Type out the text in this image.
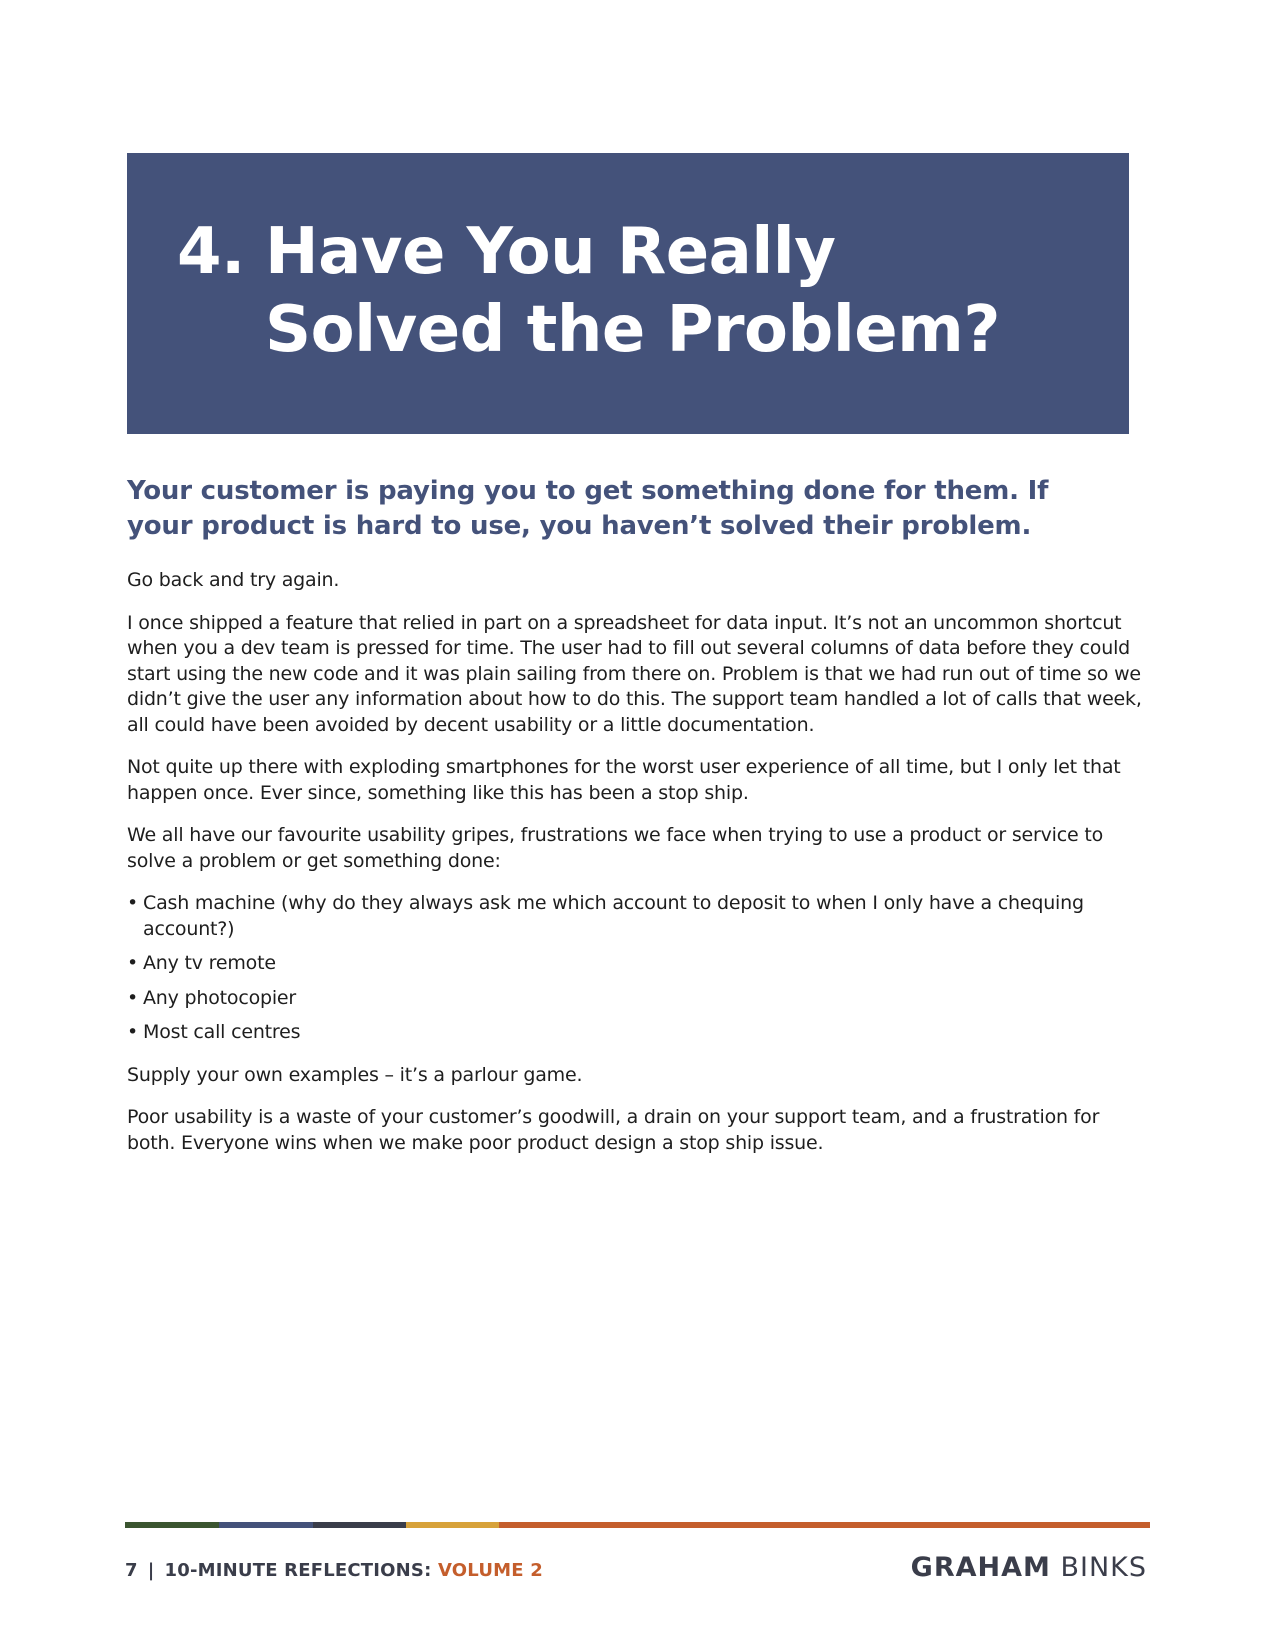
4. Have You Really
Solved the Problem?
Your customer is paying you to get something done for them. If your product is hard to use, you haven’t solved their problem.

Go back and try again.

I once shipped a feature that relied in part on a spreadsheet for data input. It’s not an uncommon shortcut when you a dev team is pressed for time. The user had to fill out several columns of data before they could start using the new code and it was plain sailing from there on. Problem is that we had run out of time so we didn’t give the user any information about how to do this. The support team handled a lot of calls that week, all could have been avoided by decent usability or a little documentation.

Not quite up there with exploding smartphones for the worst user experience of all time, but I only let that happen once. Ever since, something like this has been a stop ship.

We all have our favourite usability gripes, frustrations we face when trying to use a product or service to solve a problem or get something done:

• Cash machine (why do they always ask me which account to deposit to when I only have a chequing account?)
• Any tv remote
• Any photocopier
• Most call centres

Supply your own examples – it’s a parlour game.

Poor usability is a waste of your customer’s goodwill, a drain on your support team, and a frustration for both. Everyone wins when we make poor product design a stop ship issue.

7 | 10-MINUTE REFLECTIONS: VOLUME 2	GRAHAM BINKS
